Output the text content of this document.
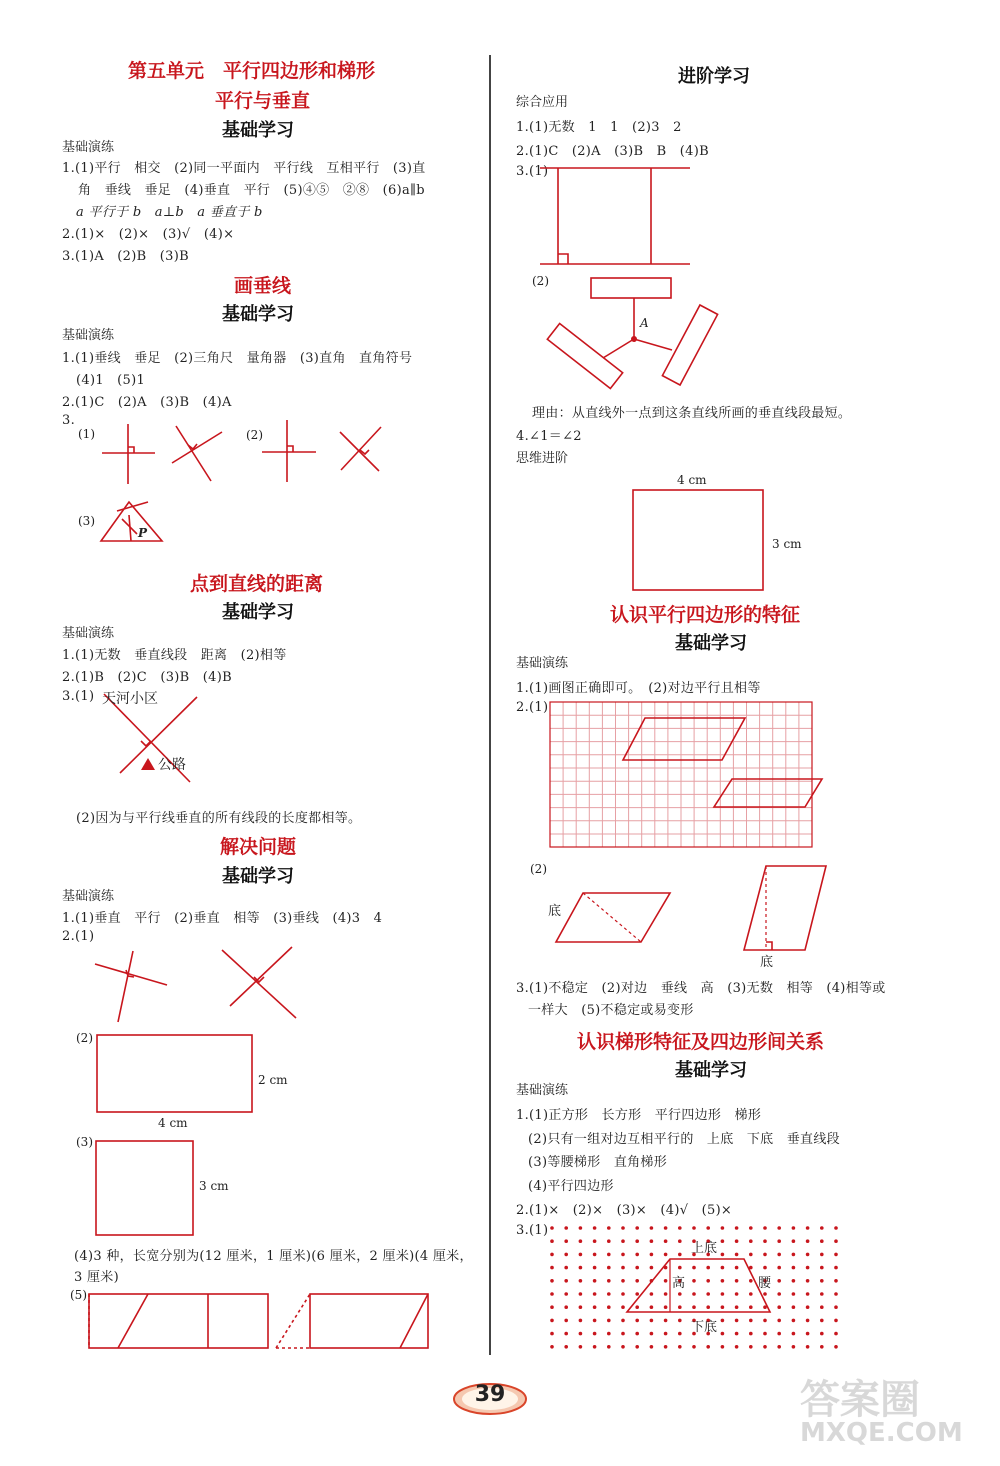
第五单元　平行四边形和梯形
平行与垂直
基础学习
基础演练
1.(1)平行　相交　(2)同一平面内　平行线　互相平行　(3)直
角　垂线　垂足　(4)垂直　平行　(5)④⑤　②⑧　(6)a∥b
a 平行于 b　a⊥b　a 垂直于 b
2.(1)×　(2)×　(3)√　(4)×
3.(1)A　(2)B　(3)B
画垂线
基础学习
基础演练
1.(1)垂线　垂足　(2)三角尺　量角器　(3)直角　直角符号
(4)1　(5)1
2.(1)C　(2)A　(3)B　(4)A
3.
(1)	(2)
(3)
P
点到直线的距离
基础学习
基础演练
1.(1)无数　垂直线段　距离　(2)相等
2.(1)B　(2)C　(3)B　(4)B
3.(1) 天河小区
公路
(2)因为与平行线垂直的所有线段的长度都相等。
解决问题
基础学习
基础演练
1.(1)垂直　平行　(2)垂直　相等　(3)垂线　(4)3　4
2.(1)
(2)
2 cm
4 cm
(3)
3 cm
(4)3 种，长宽分别为(12 厘米，1 厘米)(6 厘米，2 厘米)(4 厘米，
3 厘米)
(5)
进阶学习
综合应用
1.(1)无数　1　1　(2)3　2
2.(1)C　(2)A　(3)B　B　(4)B
3.(1)
(2)
A
理由：从直线外一点到这条直线所画的垂直线段最短。
4.∠1＝∠2
思维进阶
4 cm
3 cm
认识平行四边形的特征
基础学习
基础演练
1.(1)画图正确即可。　(2)对边平行且相等
2.(1)
(2)
底
底
3.(1)不稳定　(2)对边　垂线　高　(3)无数　相等　(4)相等或
一样大　(5)不稳定或易变形
认识梯形特征及四边形间关系
基础学习
基础演练
1.(1)正方形　长方形　平行四边形　梯形
(2)只有一组对边互相平行的　上底　下底　垂直线段
(3)等腰梯形　直角梯形
(4)平行四边形
2.(1)×　(2)×　(3)×　(4)√　(5)×
3.(1)
上底
高	腰
下底
39	答案圈
MXQE.COM
